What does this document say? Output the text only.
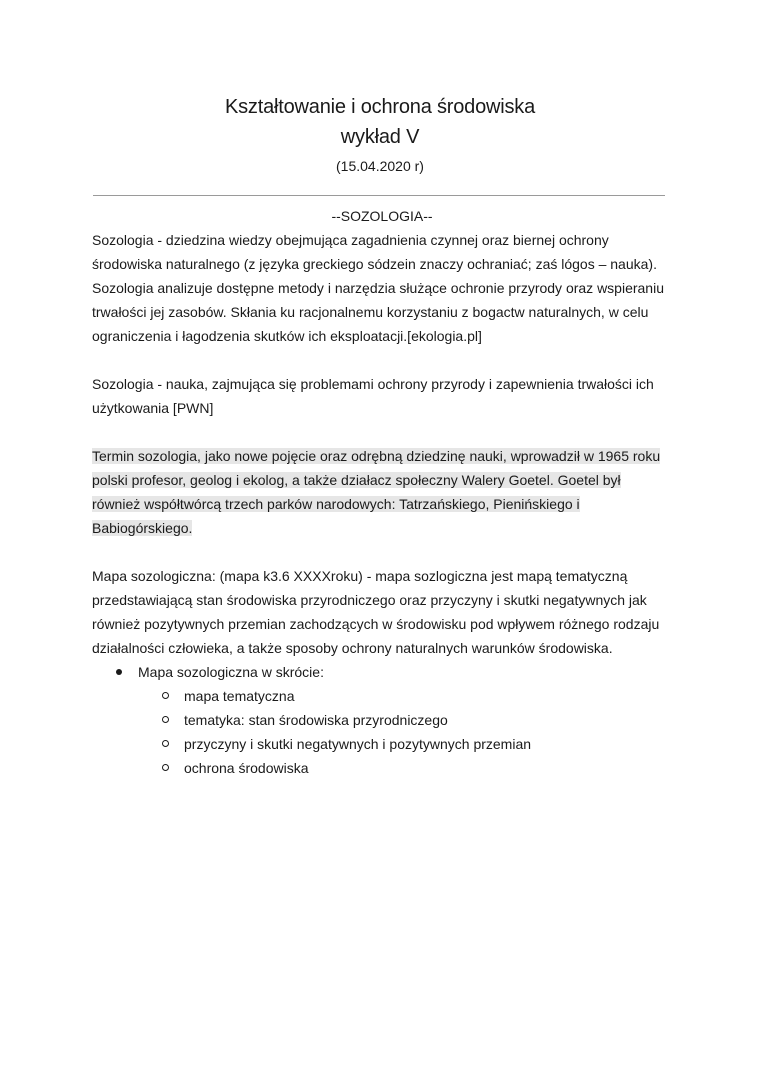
Kształtowanie i ochrona środowiska
wykład V
(15.04.2020 r)

--SOZOLOGIA--

Sozologia - dziedzina wiedzy obejmująca zagadnienia czynnej oraz biernej ochrony środowiska naturalnego (z języka greckiego sódzein znaczy ochraniać; zaś lógos – nauka). Sozologia analizuje dostępne metody i narzędzia służące ochronie przyrody oraz wspieraniu trwałości jej zasobów. Skłania ku racjonalnemu korzystaniu z bogactw naturalnych, w celu ograniczenia i łagodzenia skutków ich eksploatacji.[ekologia.pl]

Sozologia - nauka, zajmująca się problemami ochrony przyrody i zapewnienia trwałości ich użytkowania [PWN]

Termin sozologia, jako nowe pojęcie oraz odrębną dziedzinę nauki, wprowadził w 1965 roku polski profesor, geolog i ekolog, a także działacz społeczny Walery Goetel. Goetel był również współtwórcą trzech parków narodowych: Tatrzańskiego, Pienińskiego i Babiogórskiego.

Mapa sozologiczna: (mapa k3.6 XXXXroku) - mapa sozlogiczna jest mapą tematyczną przedstawiającą stan środowiska przyrodniczego oraz przyczyny i skutki negatywnych jak również pozytywnych przemian zachodzących w środowisku pod wpływem różnego rodzaju działalności człowieka, a także sposoby ochrony naturalnych warunków środowiska.

Mapa sozologiczna w skrócie:
mapa tematyczna
tematyka: stan środowiska przyrodniczego
przyczyny i skutki negatywnych i pozytywnych przemian
ochrona środowiska
